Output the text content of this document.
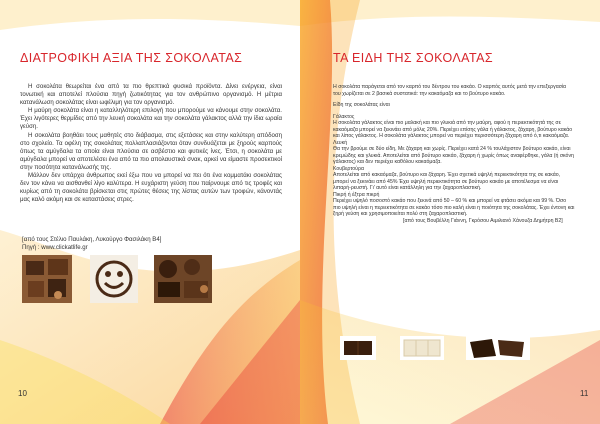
ΔΙΑΤΡΟΦΙΚΗ ΑΞΙΑ ΤΗΣ ΣΟΚΟΛΑΤΑΣ

Η σοκολάτα θεωρείται ένα από τα πιο θρεπτικά φυσικά προϊόντα. Δίνει ενέργεια, είναι τονωτική και αποτελεί πλούσια πηγή ζωτικότητας για τον ανθρώπινο οργανισμό. Η μέτρια κατανάλωση σοκολάτας είναι ωφέλιμη για τον οργανισμό.

Η μαύρη σοκολάτα είναι η καταλληλότερη επιλογή που μπορούμε να κάνουμε στην σοκολάτα. Έχει λιγότερες θερμίδες από την λευκή σοκολάτα και την σοκολάτα γάλακτος αλλά την ίδια ωραία γεύση.

Η σοκολάτα βοηθάει τους μαθητές στο διάβασμα, στις εξετάσεις και στην καλύτερη απόδοση στο σχολείο. Τα οφέλη της σοκολάτας πολλαπλασιάζονται όταν συνδυάζεται με ξηρούς καρπούς όπως τα αμύγδαλα τα οποία είναι πλούσια σε ασβέστιο και φυτικές ίνες. Έτσι, η σοκολάτα με αμύγδαλα μπορεί να αποτελέσει ένα από τα πιο απολαυστικά σνακ, αρκεί να είμαστε προσεκτικοί στην ποσότητα κατανάλωσής της.

Μάλλον δεν υπάρχει άνθρωπος εκεί έξω που να μπορεί να πει ότι ένα κομματάκι σοκολάτας δεν τον κάνει να αισθανθεί λίγο καλύτερα. Η ευχάριστη γεύση που παίρνουμε από τις τροφές και κυρίως από τη σοκολάτα βρίσκεται στις πρώτες θέσεις της λίστας αυτών των τροφών, κάνοντάς μας καλό ακόμη και σε καταστάσεις στρες.

[από τους Στέλιο Παυλάκη, Λυκούργο Φασιλάκη Β4]
Πηγή : www.clickatlife.gr
10	11
ΤΑ ΕΙΔΗ ΤΗΣ ΣΟΚΟΛΑΤΑΣ

Η σοκολάτα παράγεται από τον καρπό του δέντρου του κακάο. Ο καρπός αυτός μετά την επεξεργασία του χωρίζεται σε 2 βασικά συστατικά: την κακαόμαζα και το βούτυρο κακάο.

Είδη της σοκολάτας είναι

Γάλακτος

Η σοκολάτα γάλακτος είναι πιο μαλακή και πιο γλυκιά από την μαύρη, αφού η περιεκτικότητά της σε κακαόμαζα μπορεί να ξεκινάει από μόλις 20%. Περιέχει επίσης γάλα ή γάλακτος, ζάχαρη, βούτυρο κακάο και λίπος γάλακτος. Η σοκολάτα γάλακτος μπορεί να περιέχει περισσότερη ζάχαρη από ό,τι κακαόμαζα.

Λευκή

Θα την βρούμε σε δύο είδη, Με ζάχαρη και χωρίς. Περιέχει κατά 24 % τουλάχιστον βούτυρο κακάο, είναι κρεμώδης και γλυκιά. Αποτελείται από βούτυρο κακάο, ζάχαρη ή χωρίς όπως αναφέρθηκε, γάλα (ή σκόνη γάλακτος) και δεν περιέχει καθόλου κακαόμαζα.

Κουβερτούρα

Αποτελείται από κακαόμαζα, βούτυρο και ζάχαρη. Έχει σχετικά υψηλή περιεκτικότητα της σε κακάο, μπορεί να ξεκινάει από 45% Έχει υψηλή περιεκτικότητα σε βούτυρο κακάο με αποτέλεσμα να είναι λιπαρή-ρευστή. Γι' αυτό είναι κατάλληλη για την ζαχαροπλαστική.

Πικρή ή έξτρα πικρή

Περιέχει υψηλό ποσοστό κακάο που ξεκινά από 50 – 60 % και μπορεί να φτάσει ακόμα και 99 %. Όσο πιο υψηλή είναι η περιεκτικότητα σε κακάο τόσο πιο καλή είναι η ποιότητα της σοκολάτας. Έχει έντονη και ξηρή γεύση και χρησιμοποιείται πολύ στη ζαχαροπλαστική.

[από τους Βουβέλλη Γιάννη, Γκρόσου Αιμιλιανό Χάνουζα Δημήτρη Β2]
